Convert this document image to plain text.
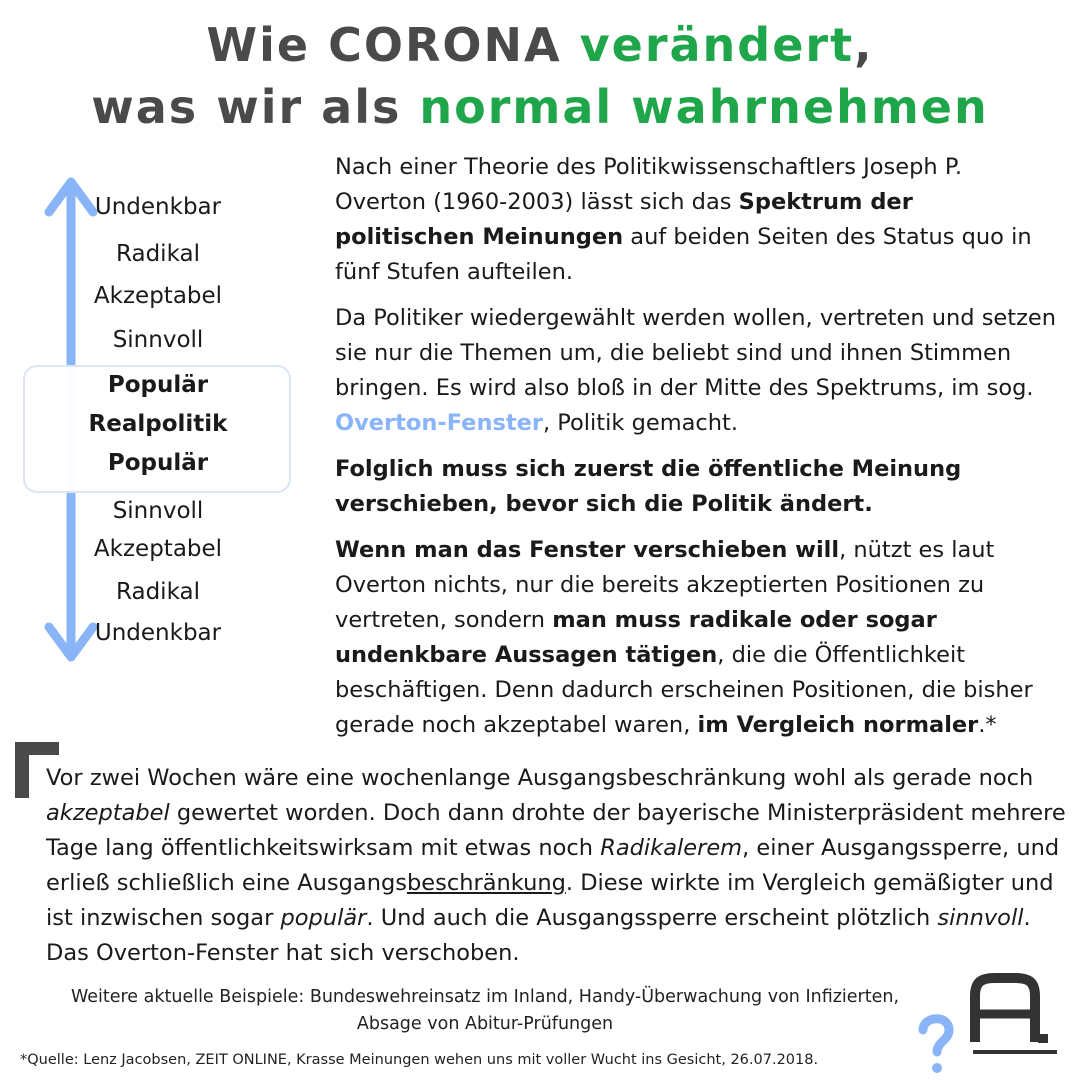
Wie CORONA verändert,
was wir als normal wahrnehmen
Undenkbar
Radikal
Akzeptabel
Sinnvoll
Populär
Realpolitik
Populär
Sinnvoll
Akzeptabel
Radikal
Undenkbar

Nach einer Theorie des Politikwissenschaftlers Joseph P. Overton (1960-2003) lässt sich das Spektrum der politischen Meinungen auf beiden Seiten des Status quo in fünf Stufen aufteilen.

Da Politiker wiedergewählt werden wollen, vertreten und setzen sie nur die Themen um, die beliebt sind und ihnen Stimmen bringen. Es wird also bloß in der Mitte des Spektrums, im sog. Overton-Fenster, Politik gemacht.

Folglich muss sich zuerst die öffentliche Meinung verschieben, bevor sich die Politik ändert.

Wenn man das Fenster verschieben will, nützt es laut Overton nichts, nur die bereits akzeptierten Positionen zu vertreten, sondern man muss radikale oder sogar undenkbare Aussagen tätigen, die die Öffentlichkeit beschäftigen. Denn dadurch erscheinen Positionen, die bisher gerade noch akzeptabel waren, im Vergleich normaler.*

Vor zwei Wochen wäre eine wochenlange Ausgangsbeschränkung wohl als gerade noch akzeptabel gewertet worden. Doch dann drohte der bayerische Ministerpräsident mehrere Tage lang öffentlichkeitswirksam mit etwas noch Radikalerem, einer Ausgangssperre, und erließ schließlich eine Ausgangsbeschränkung. Diese wirkte im Vergleich gemäßigter und ist inzwischen sogar populär. Und auch die Ausgangssperre erscheint plötzlich sinnvoll. Das Overton-Fenster hat sich verschoben.
Weitere aktuelle Beispiele: Bundeswehreinsatz im Inland, Handy-Überwachung von Infizierten,
Absage von Abitur-Prüfungen
*Quelle: Lenz Jacobsen, ZEIT ONLINE, Krasse Meinungen wehen uns mit voller Wucht ins Gesicht, 26.07.2018.
